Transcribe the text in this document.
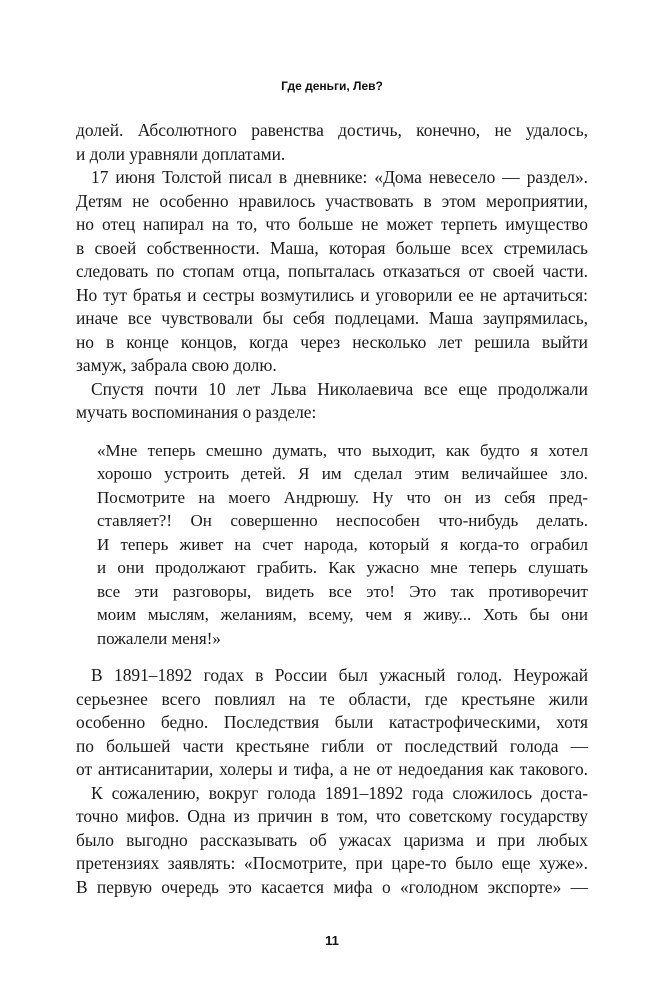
Где деньги, Лев?
долей. Абсолютного равенства достичь, конечно, не удалось,
и доли уравняли доплатами.
17 июня Толстой писал в дневнике: «Дома невесело — раздел».
Детям не особенно нравилось участвовать в этом мероприятии,
но отец напирал на то, что больше не может терпеть имущество
в своей собственности. Маша, которая больше всех стремилась
следовать по стопам отца, попыталась отказаться от своей части.
Но тут братья и сестры возмутились и уговорили ее не артачиться:
иначе все чувствовали бы себя подлецами. Маша заупрямилась,
но в конце концов, когда через несколько лет решила выйти
замуж, забрала свою долю.
Спустя почти 10 лет Льва Николаевича все еще продолжали
мучать воспоминания о разделе:
«Мне теперь смешно думать, что выходит, как будто я хотел
хорошо устроить детей. Я им сделал этим величайшее зло.
Посмотрите на моего Андрюшу. Ну что он из себя пред-
ставляет?! Он совершенно неспособен что-нибудь делать.
И теперь живет на счет народа, который я когда-то ограбил
и они продолжают грабить. Как ужасно мне теперь слушать
все эти разговоры, видеть все это! Это так противоречит
моим мыслям, желаниям, всему, чем я живу... Хоть бы они
пожалели меня!»
В 1891–1892 годах в России был ужасный голод. Неурожай
серьезнее всего повлиял на те области, где крестьяне жили
особенно бедно. Последствия были катастрофическими, хотя
по большей части крестьяне гибли от последствий голода —
от антисанитарии, холеры и тифа, а не от недоедания как такового.
К сожалению, вокруг голода 1891–1892 года сложилось доста-
точно мифов. Одна из причин в том, что советскому государству
было выгодно рассказывать об ужасах царизма и при любых
претензиях заявлять: «Посмотрите, при царе-то было еще хуже».
В первую очередь это касается мифа о «голодном экспорте» —
11
